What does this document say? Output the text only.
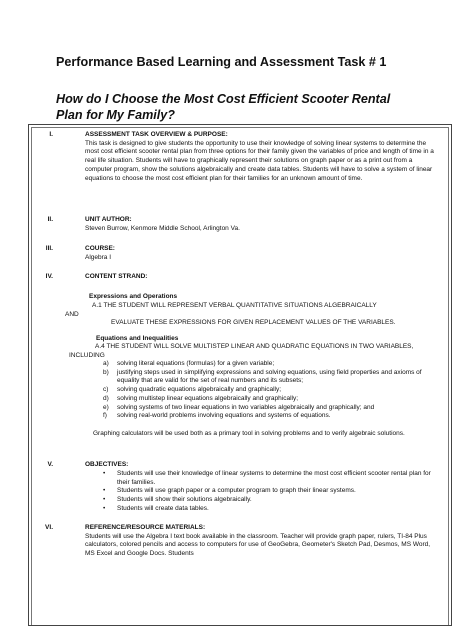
Performance Based Learning and Assessment Task # 1
How do I Choose the Most Cost Efficient Scooter Rental Plan for My Family?
I.	ASSESSMENT TASK OVERVIEW & PURPOSE:

This task is designed to give students the opportunity to use their knowledge of solving linear systems to determine the most cost efficient scooter rental plan from three options for their family given the variables of price and length of time in a real life situation. Students will have to graphically represent their solutions on graph paper or as a print out from a computer program, show the solutions algebraically and create data tables. Students will have to solve a system of linear equations to choose the most cost efficient plan for their families for an unknown amount of time.

II.	UNIT AUTHOR:
Steven Burrow, Kenmore Middle School, Arlington Va.
III.	COURSE:
Algebra I
IV.	CONTENT STRAND:
Expressions and Operations
A.1 THE STUDENT WILL REPRESENT VERBAL QUANTITATIVE SITUATIONS ALGEBRAICALLY
AND
EVALUATE THESE EXPRESSIONS FOR GIVEN REPLACEMENT VALUES OF THE VARIABLES.
Equations and Inequalities
A.4 THE STUDENT WILL SOLVE MULTISTEP LINEAR AND QUADRATIC EQUATIONS IN TWO VARIABLES, INCLUDING
a) solving literal equations (formulas) for a given variable;
b) justifying steps used in simplifying expressions and solving equations, using field properties and axioms of equality that are valid for the set of real numbers and its subsets;
c) solving quadratic equations algebraically and graphically;
d) solving multistep linear equations algebraically and graphically;
e) solving systems of two linear equations in two variables algebraically and graphically; and
f) solving real-world problems involving equations and systems of equations.
Graphing calculators will be used both as a primary tool in solving problems and to verify algebraic solutions.
V.	OBJECTIVES:
• Students will use their knowledge of linear systems to determine the most cost efficient scooter rental plan for their families.
• Students will use graph paper or a computer program to graph their linear systems.
• Students will show their solutions algebraically.
• Students will create data tables.
VI.	REFERENCE/RESOURCE MATERIALS:

Students will use the Algebra I text book available in the classroom. Teacher will provide graph paper, rulers, TI-84 Plus calculators, colored pencils and access to computers for use of GeoGebra, Geometer's Sketch Pad, Desmos, MS Word, MS Excel and Google Docs. Students
